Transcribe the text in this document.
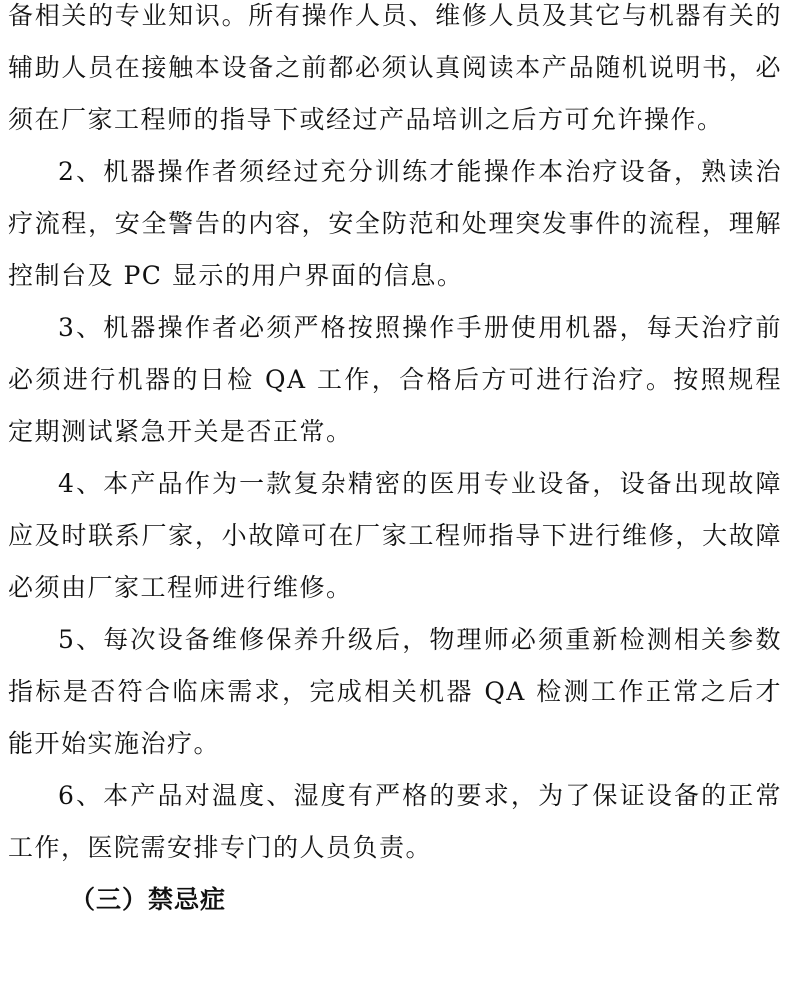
备相关的专业知识。所有操作人员、维修人员及其它与机器有关的辅助人员在接触本设备之前都必须认真阅读本产品随机说明书，必须在厂家工程师的指导下或经过产品培训之后方可允许操作。

2、机器操作者须经过充分训练才能操作本治疗设备，熟读治疗流程，安全警告的内容，安全防范和处理突发事件的流程，理解控制台及 PC 显示的用户界面的信息。

3、机器操作者必须严格按照操作手册使用机器，每天治疗前必须进行机器的日检 QA 工作，合格后方可进行治疗。按照规程定期测试紧急开关是否正常。

4、本产品作为一款复杂精密的医用专业设备，设备出现故障应及时联系厂家，小故障可在厂家工程师指导下进行维修，大故障必须由厂家工程师进行维修。

5、每次设备维修保养升级后，物理师必须重新检测相关参数指标是否符合临床需求，完成相关机器 QA 检测工作正常之后才能开始实施治疗。

6、本产品对温度、湿度有严格的要求，为了保证设备的正常工作，医院需安排专门的人员负责。

（三）禁忌症
